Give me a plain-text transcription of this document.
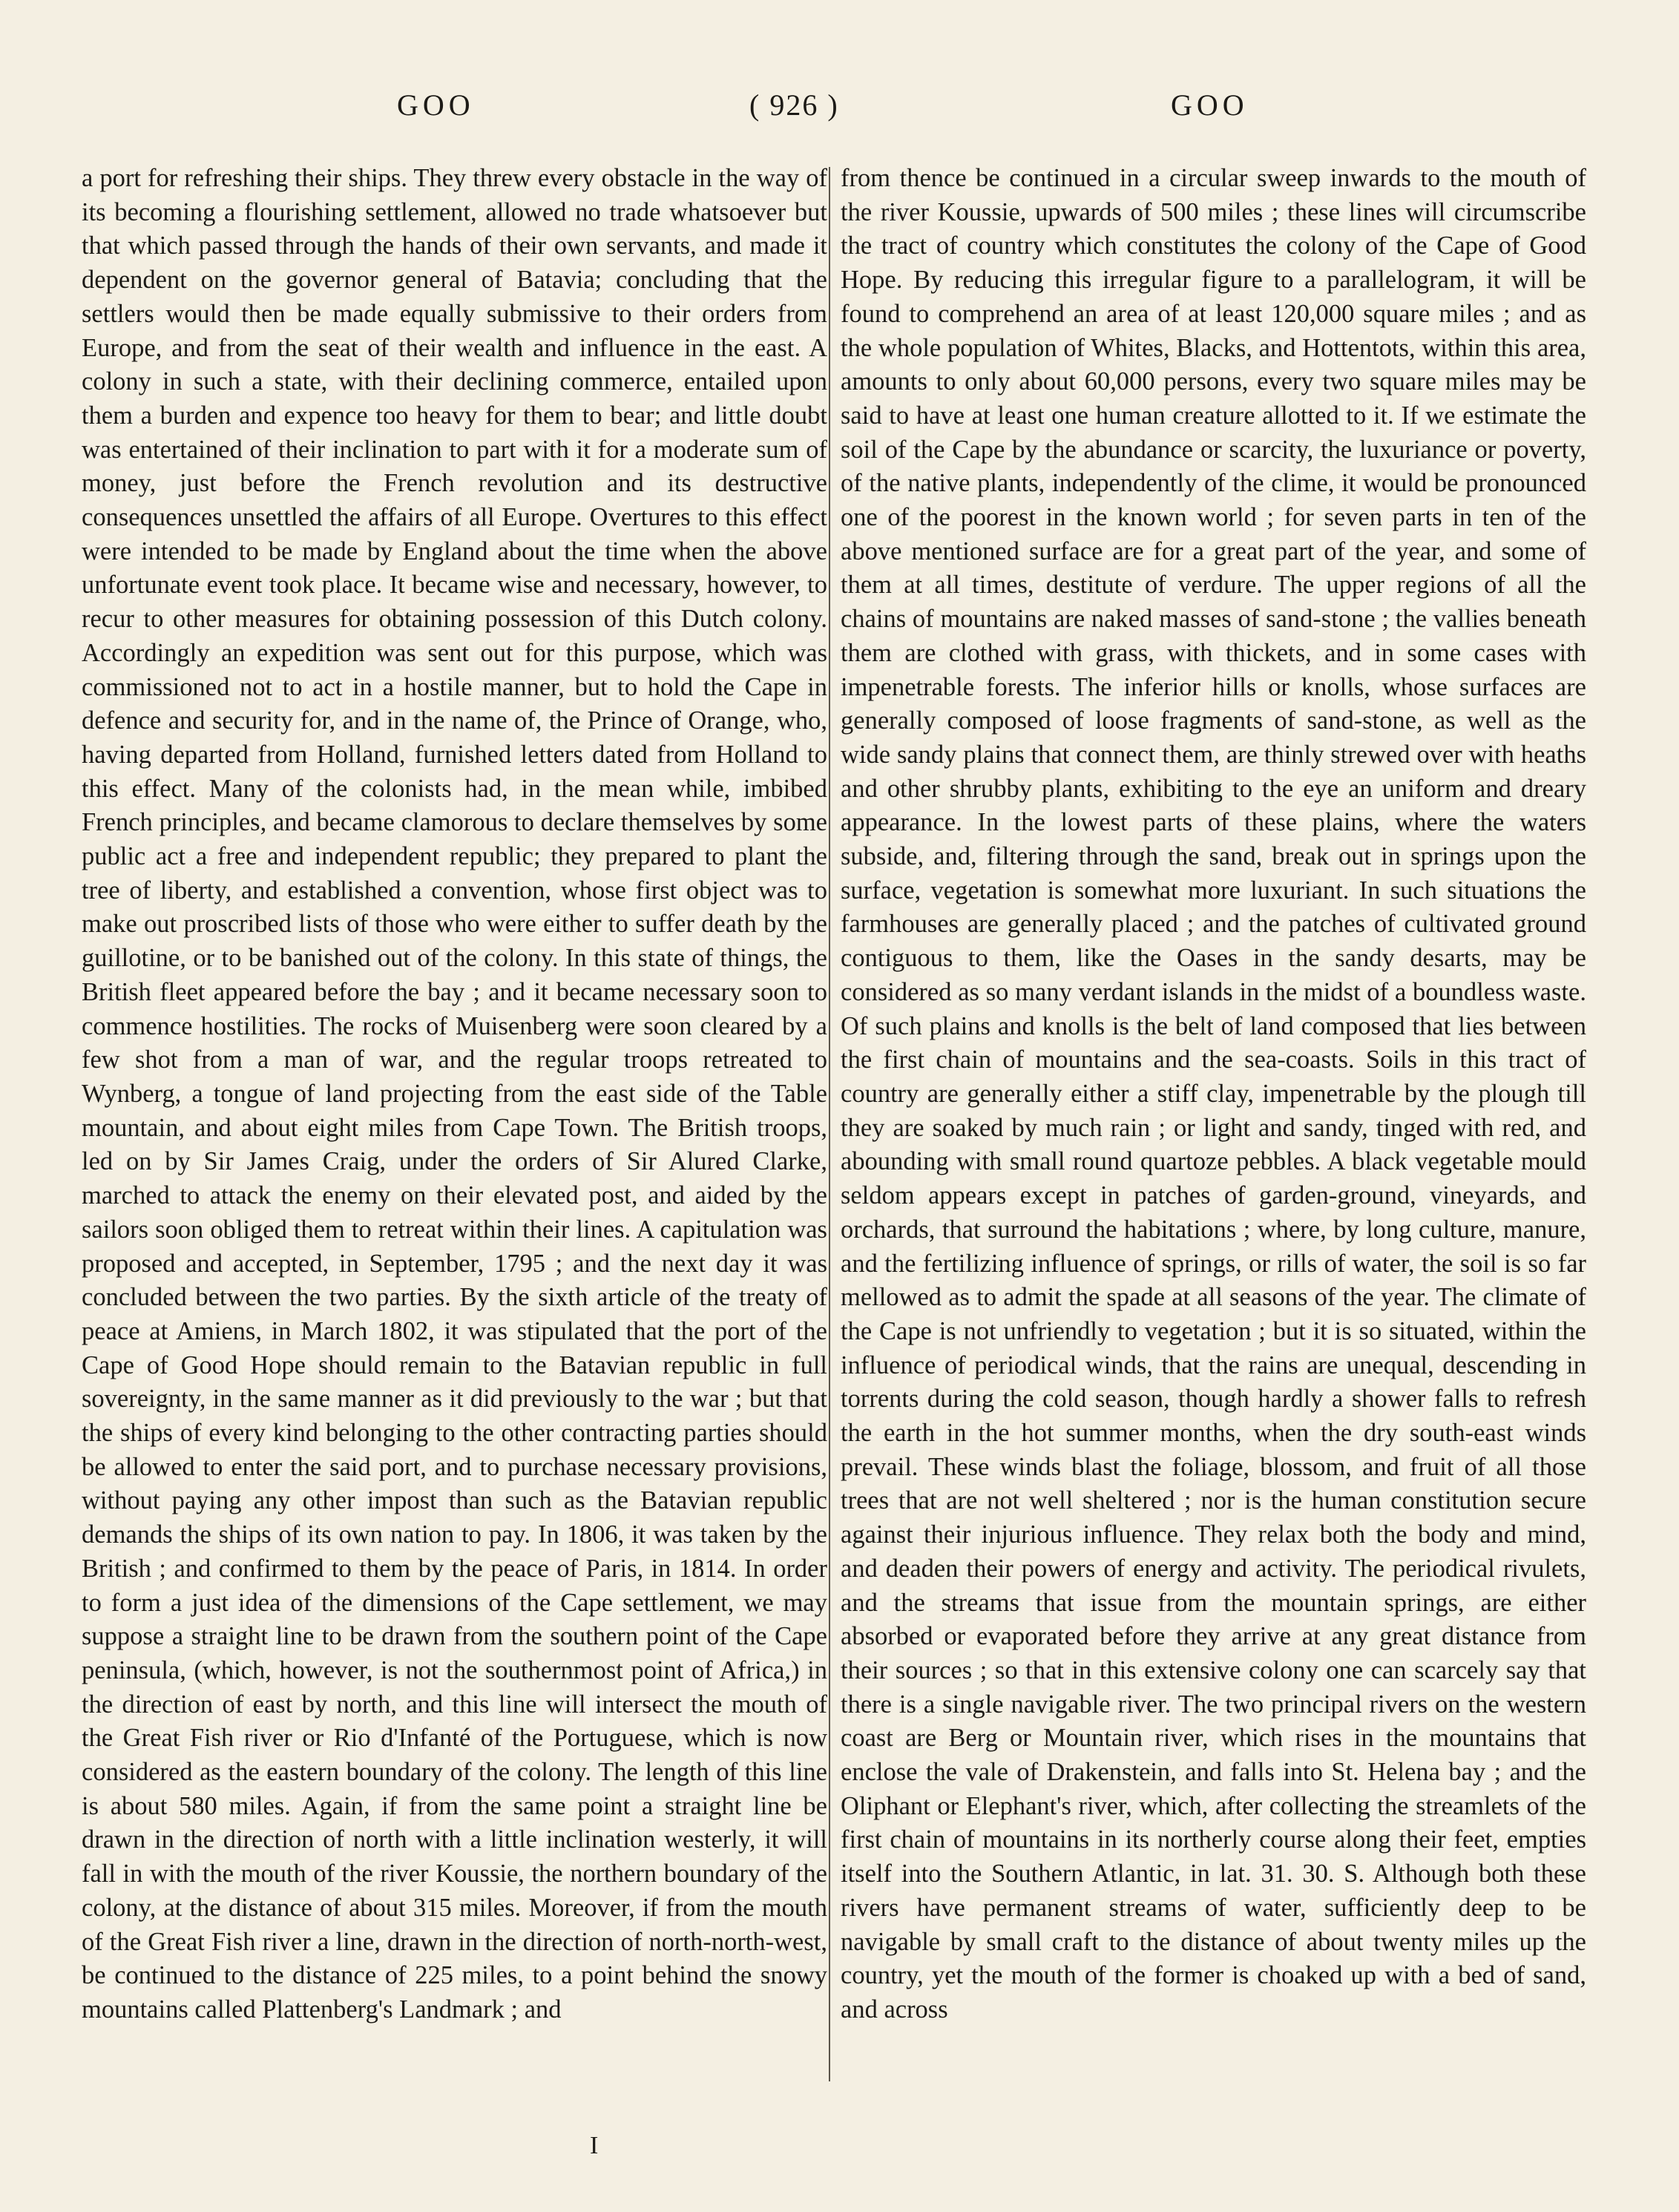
GOO	( 926 )	GOO

a port for refreshing their ships. They threw every obstacle in the way of its becoming a flourishing settlement, allowed no trade whatsoever but that which passed through the hands of their own servants, and made it dependent on the governor general of Batavia; concluding that the settlers would then be made equally submissive to their orders from Europe, and from the seat of their wealth and influence in the east. A colony in such a state, with their declining commerce, entailed upon them a burden and expence too heavy for them to bear; and little doubt was entertained of their inclination to part with it for a moderate sum of money, just before the French revolution and its destructive consequences unsettled the affairs of all Europe. Overtures to this effect were intended to be made by England about the time when the above unfortunate event took place. It became wise and necessary, however, to recur to other measures for obtaining possession of this Dutch colony. Accordingly an expedition was sent out for this purpose, which was commissioned not to act in a hostile manner, but to hold the Cape in defence and security for, and in the name of, the Prince of Orange, who, having departed from Holland, furnished letters dated from Holland to this effect. Many of the colonists had, in the mean while, imbibed French principles, and became clamorous to declare themselves by some public act a free and independent republic; they prepared to plant the tree of liberty, and established a convention, whose first object was to make out proscribed lists of those who were either to suffer death by the guillotine, or to be banished out of the colony. In this state of things, the British fleet appeared before the bay ; and it became necessary soon to commence hostilities. The rocks of Muisenberg were soon cleared by a few shot from a man of war, and the regular troops retreated to Wynberg, a tongue of land projecting from the east side of the Table mountain, and about eight miles from Cape Town. The British troops, led on by Sir James Craig, under the orders of Sir Alured Clarke, marched to attack the enemy on their elevated post, and aided by the sailors soon obliged them to retreat within their lines. A capitulation was proposed and accepted, in September, 1795 ; and the next day it was concluded between the two parties. By the sixth article of the treaty of peace at Amiens, in March 1802, it was stipulated that the port of the Cape of Good Hope should remain to the Batavian republic in full sovereignty, in the same manner as it did previously to the war ; but that the ships of every kind belonging to the other contracting parties should be allowed to enter the said port, and to purchase necessary provisions, without paying any other impost than such as the Batavian republic demands the ships of its own nation to pay. In 1806, it was taken by the British ; and confirmed to them by the peace of Paris, in 1814. In order to form a just idea of the dimensions of the Cape settlement, we may suppose a straight line to be drawn from the southern point of the Cape peninsula, (which, however, is not the southernmost point of Africa,) in the direction of east by north, and this line will intersect the mouth of the Great Fish river or Rio d'Infanté of the Portuguese, which is now considered as the eastern boundary of the colony. The length of this line is about 580 miles. Again, if from the same point a straight line be drawn in the direction of north with a little inclination westerly, it will fall in with the mouth of the river Koussie, the northern boundary of the colony, at the distance of about 315 miles. Moreover, if from the mouth of the Great Fish river a line, drawn in the direction of north-north-west, be continued to the distance of 225 miles, to a point behind the snowy mountains called Plattenberg's Landmark ; and

from thence be continued in a circular sweep inwards to the mouth of the river Koussie, upwards of 500 miles ; these lines will circumscribe the tract of country which constitutes the colony of the Cape of Good Hope. By reducing this irregular figure to a parallelogram, it will be found to comprehend an area of at least 120,000 square miles ; and as the whole population of Whites, Blacks, and Hottentots, within this area, amounts to only about 60,000 persons, every two square miles may be said to have at least one human creature allotted to it. If we estimate the soil of the Cape by the abundance or scarcity, the luxuriance or poverty, of the native plants, independently of the clime, it would be pronounced one of the poorest in the known world ; for seven parts in ten of the above mentioned surface are for a great part of the year, and some of them at all times, destitute of verdure. The upper regions of all the chains of mountains are naked masses of sand-stone ; the vallies beneath them are clothed with grass, with thickets, and in some cases with impenetrable forests. The inferior hills or knolls, whose surfaces are generally composed of loose fragments of sand-stone, as well as the wide sandy plains that connect them, are thinly strewed over with heaths and other shrubby plants, exhibiting to the eye an uniform and dreary appearance. In the lowest parts of these plains, where the waters subside, and, filtering through the sand, break out in springs upon the surface, vegetation is somewhat more luxuriant. In such situations the farmhouses are generally placed ; and the patches of cultivated ground contiguous to them, like the Oases in the sandy desarts, may be considered as so many verdant islands in the midst of a boundless waste. Of such plains and knolls is the belt of land composed that lies between the first chain of mountains and the sea-coasts. Soils in this tract of country are generally either a stiff clay, impenetrable by the plough till they are soaked by much rain ; or light and sandy, tinged with red, and abounding with small round quartoze pebbles. A black vegetable mould seldom appears except in patches of garden-ground, vineyards, and orchards, that surround the habitations ; where, by long culture, manure, and the fertilizing influence of springs, or rills of water, the soil is so far mellowed as to admit the spade at all seasons of the year. The climate of the Cape is not unfriendly to vegetation ; but it is so situated, within the influence of periodical winds, that the rains are unequal, descending in torrents during the cold season, though hardly a shower falls to refresh the earth in the hot summer months, when the dry south-east winds prevail. These winds blast the foliage, blossom, and fruit of all those trees that are not well sheltered ; nor is the human constitution secure against their injurious influence. They relax both the body and mind, and deaden their powers of energy and activity. The periodical rivulets, and the streams that issue from the mountain springs, are either absorbed or evaporated before they arrive at any great distance from their sources ; so that in this extensive colony one can scarcely say that there is a single navigable river. The two principal rivers on the western coast are Berg or Mountain river, which rises in the mountains that enclose the vale of Drakenstein, and falls into St. Helena bay ; and the Oliphant or Elephant's river, which, after collecting the streamlets of the first chain of mountains in its northerly course along their feet, empties itself into the Southern Atlantic, in lat. 31. 30. S. Although both these rivers have permanent streams of water, sufficiently deep to be navigable by small craft to the distance of about twenty miles up the country, yet the mouth of the former is choaked up with a bed of sand, and across

I
